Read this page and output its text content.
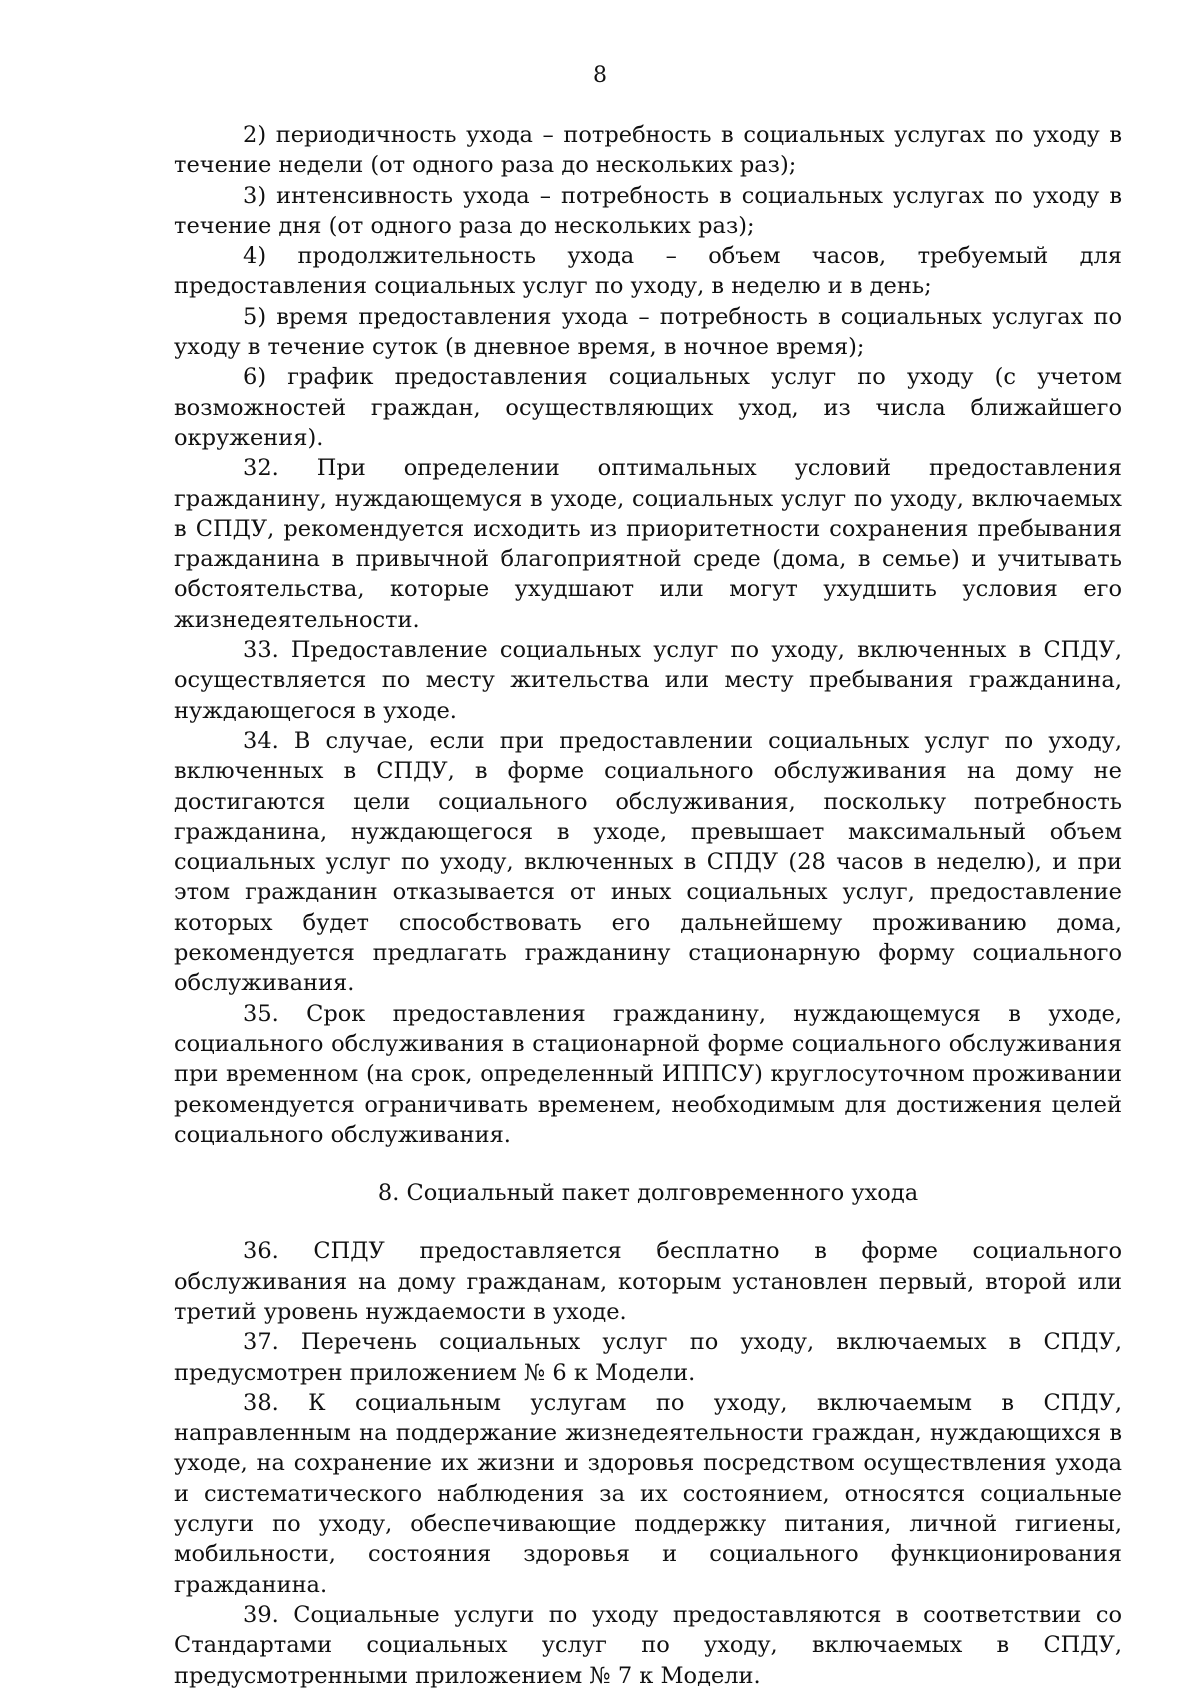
8

2) периодичность ухода – потребность в социальных услугах по уходу в течение недели (от одного раза до нескольких раз);

3) интенсивность ухода – потребность в социальных услугах по уходу в течение дня (от одного раза до нескольких раз);

4) продолжительность ухода – объем часов, требуемый для предоставления социальных услуг по уходу, в неделю и в день;

5) время предоставления ухода – потребность в социальных услугах по уходу в течение суток (в дневное время, в ночное время);

6) график предоставления социальных услуг по уходу (с учетом возможностей граждан, осуществляющих уход, из числа ближайшего окружения).

32. При определении оптимальных условий предоставления гражданину, нуждающемуся в уходе, социальных услуг по уходу, включаемых в СПДУ, рекомендуется исходить из приоритетности сохранения пребывания гражданина в привычной благоприятной среде (дома, в семье) и учитывать обстоятельства, которые ухудшают или могут ухудшить условия его жизнедеятельности.

33. Предоставление социальных услуг по уходу, включенных в СПДУ, осуществляется по месту жительства или месту пребывания гражданина, нуждающегося в уходе.

34. В случае, если при предоставлении социальных услуг по уходу, включенных в СПДУ, в форме социального обслуживания на дому не достигаются цели социального обслуживания, поскольку потребность гражданина, нуждающегося в уходе, превышает максимальный объем социальных услуг по уходу, включенных в СПДУ (28 часов в неделю), и при этом гражданин отказывается от иных социальных услуг, предоставление которых будет способствовать его дальнейшему проживанию дома, рекомендуется предлагать гражданину стационарную форму социального обслуживания.

35. Срок предоставления гражданину, нуждающемуся в уходе, социального обслуживания в стационарной форме социального обслуживания при временном (на срок, определенный ИППСУ) круглосуточном проживании рекомендуется ограничивать временем, необходимым для достижения целей социального обслуживания.

8. Социальный пакет долговременного ухода

36. СПДУ предоставляется бесплатно в форме социального обслуживания на дому гражданам, которым установлен первый, второй или третий уровень нуждаемости в уходе.

37. Перечень социальных услуг по уходу, включаемых в СПДУ, предусмотрен приложением № 6 к Модели.

38. К социальным услугам по уходу, включаемым в СПДУ, направленным на поддержание жизнедеятельности граждан, нуждающихся в уходе, на сохранение их жизни и здоровья посредством осуществления ухода и систематического наблюдения за их состоянием, относятся социальные услуги по уходу, обеспечивающие поддержку питания, личной гигиены, мобильности, состояния здоровья и социального функционирования гражданина.

39. Социальные услуги по уходу предоставляются в соответствии со Стандартами социальных услуг по уходу, включаемых в СПДУ, предусмотренными приложением № 7 к Модели.
